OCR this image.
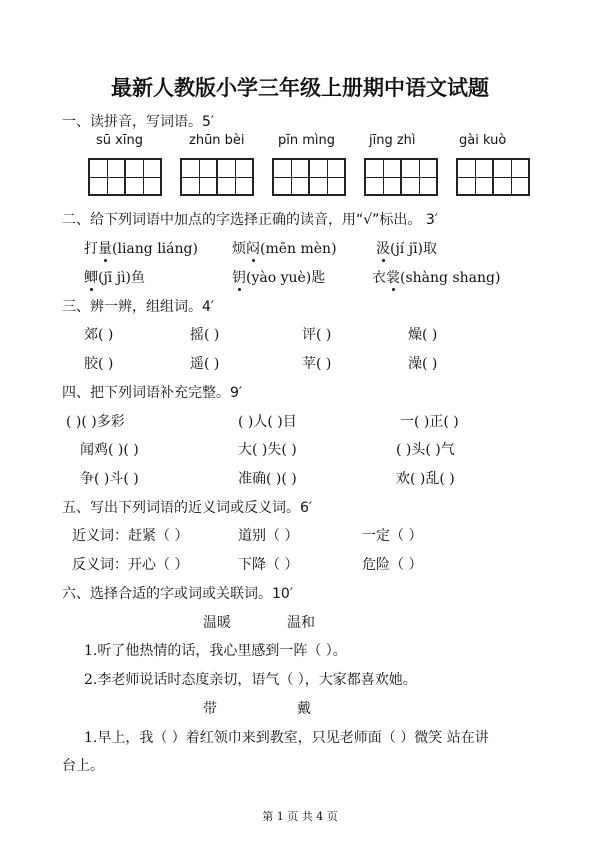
最新人教版小学三年级上册期中语文试题
一、读拼音，写词语。5′
sū xīng	zhūn bèi	pīn mìng	jīng zhì	gài kuò
二、给下列词语中加点的字选择正确的读音，用“√”标出。 3′
打量(liang liáng) 烦闷(mēn mèn)	汲(jí jī)取
鲫(jī jì)鱼	钥(yào yuè)匙	衣裳(shàng shang)
三、辨一辨，组组词。4′
郊( )	摇( )	评( )	燥( )
胶( )	遥( )	苹( )	澡( )
四、把下列词语补充完整。9′
( )( )多彩	( )人( )目	一( )正( )
闻鸡( )( )	大( )失( )	( )头( )气
争( )斗( )	准确( )( )	欢( )乱( )
五、写出下列词语的近义词或反义词。6′
近义词：赶紧（ ）	道别（ ）	一定（ ）
反义词：开心（ ）	下降（ ）	危险（ ）
六、选择合适的字或词或关联词。10′
温暖	温和
1.听了他热情的话，我心里感到一阵（ ）。
2.李老师说话时态度亲切，语气（ ），大家都喜欢她。
带	戴
1.早上，我（ ）着红领巾来到教室，只见老师面（ ）微笑 站在讲
台上。
第 1 页 共 4 页
